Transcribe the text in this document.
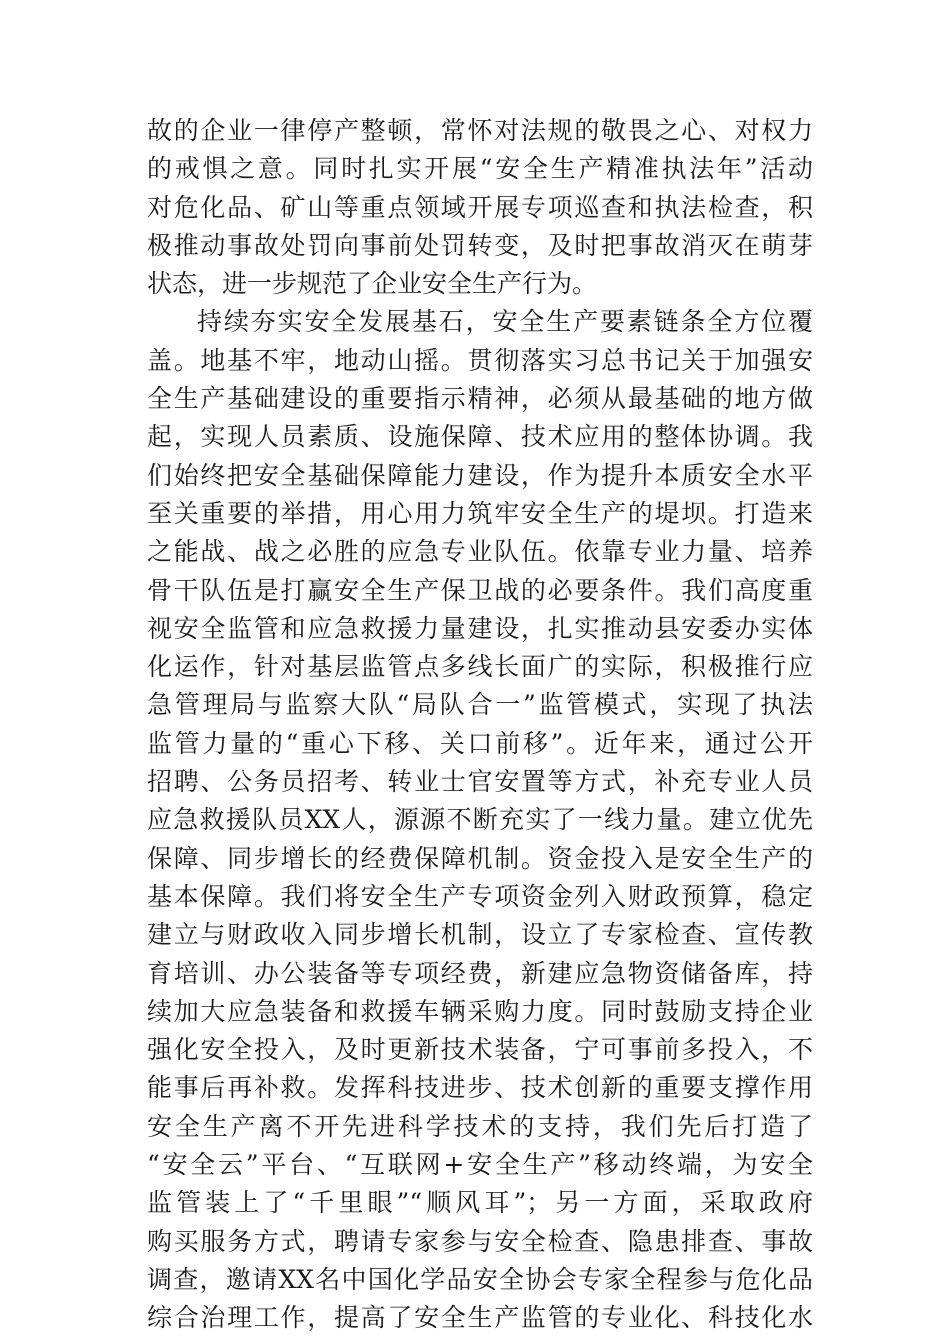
故的企业一律停产整顿，常怀对法规的敬畏之心、对权力
的戒惧之意。同时扎实开展“安全生产精准执法年”活动
对危化品、矿山等重点领域开展专项巡查和执法检查，积
极推动事故处罚向事前处罚转变，及时把事故消灭在萌芽
状态，进一步规范了企业安全生产行为。
持续夯实安全发展基石，安全生产要素链条全方位覆
盖。地基不牢，地动山摇。贯彻落实习总书记关于加强安
全生产基础建设的重要指示精神，必须从最基础的地方做
起，实现人员素质、设施保障、技术应用的整体协调。我
们始终把安全基础保障能力建设，作为提升本质安全水平
至关重要的举措，用心用力筑牢安全生产的堤坝。打造来
之能战、战之必胜的应急专业队伍。依靠专业力量、培养
骨干队伍是打赢安全生产保卫战的必要条件。我们高度重
视安全监管和应急救援力量建设，扎实推动县安委办实体
化运作，针对基层监管点多线长面广的实际，积极推行应
急管理局与监察大队“局队合一”监管模式，实现了执法
监管力量的“重心下移、关口前移”。近年来，通过公开
招聘、公务员招考、转业士官安置等方式，补充专业人员
应急救援队员XX人，源源不断充实了一线力量。建立优先
保障、同步增长的经费保障机制。资金投入是安全生产的
基本保障。我们将安全生产专项资金列入财政预算，稳定
建立与财政收入同步增长机制，设立了专家检查、宣传教
育培训、办公装备等专项经费，新建应急物资储备库，持
续加大应急装备和救援车辆采购力度。同时鼓励支持企业
强化安全投入，及时更新技术装备，宁可事前多投入，不
能事后再补救。发挥科技进步、技术创新的重要支撑作用
安全生产离不开先进科学技术的支持，我们先后打造了
“安全云”平台、“互联网+安全生产”移动终端，为安全
监管装上了“千里眼”“顺风耳”；另一方面，采取政府
购买服务方式，聘请专家参与安全检查、隐患排查、事故
调查，邀请XX名中国化学品安全协会专家全程参与危化品
综合治理工作，提高了安全生产监管的专业化、科技化水
